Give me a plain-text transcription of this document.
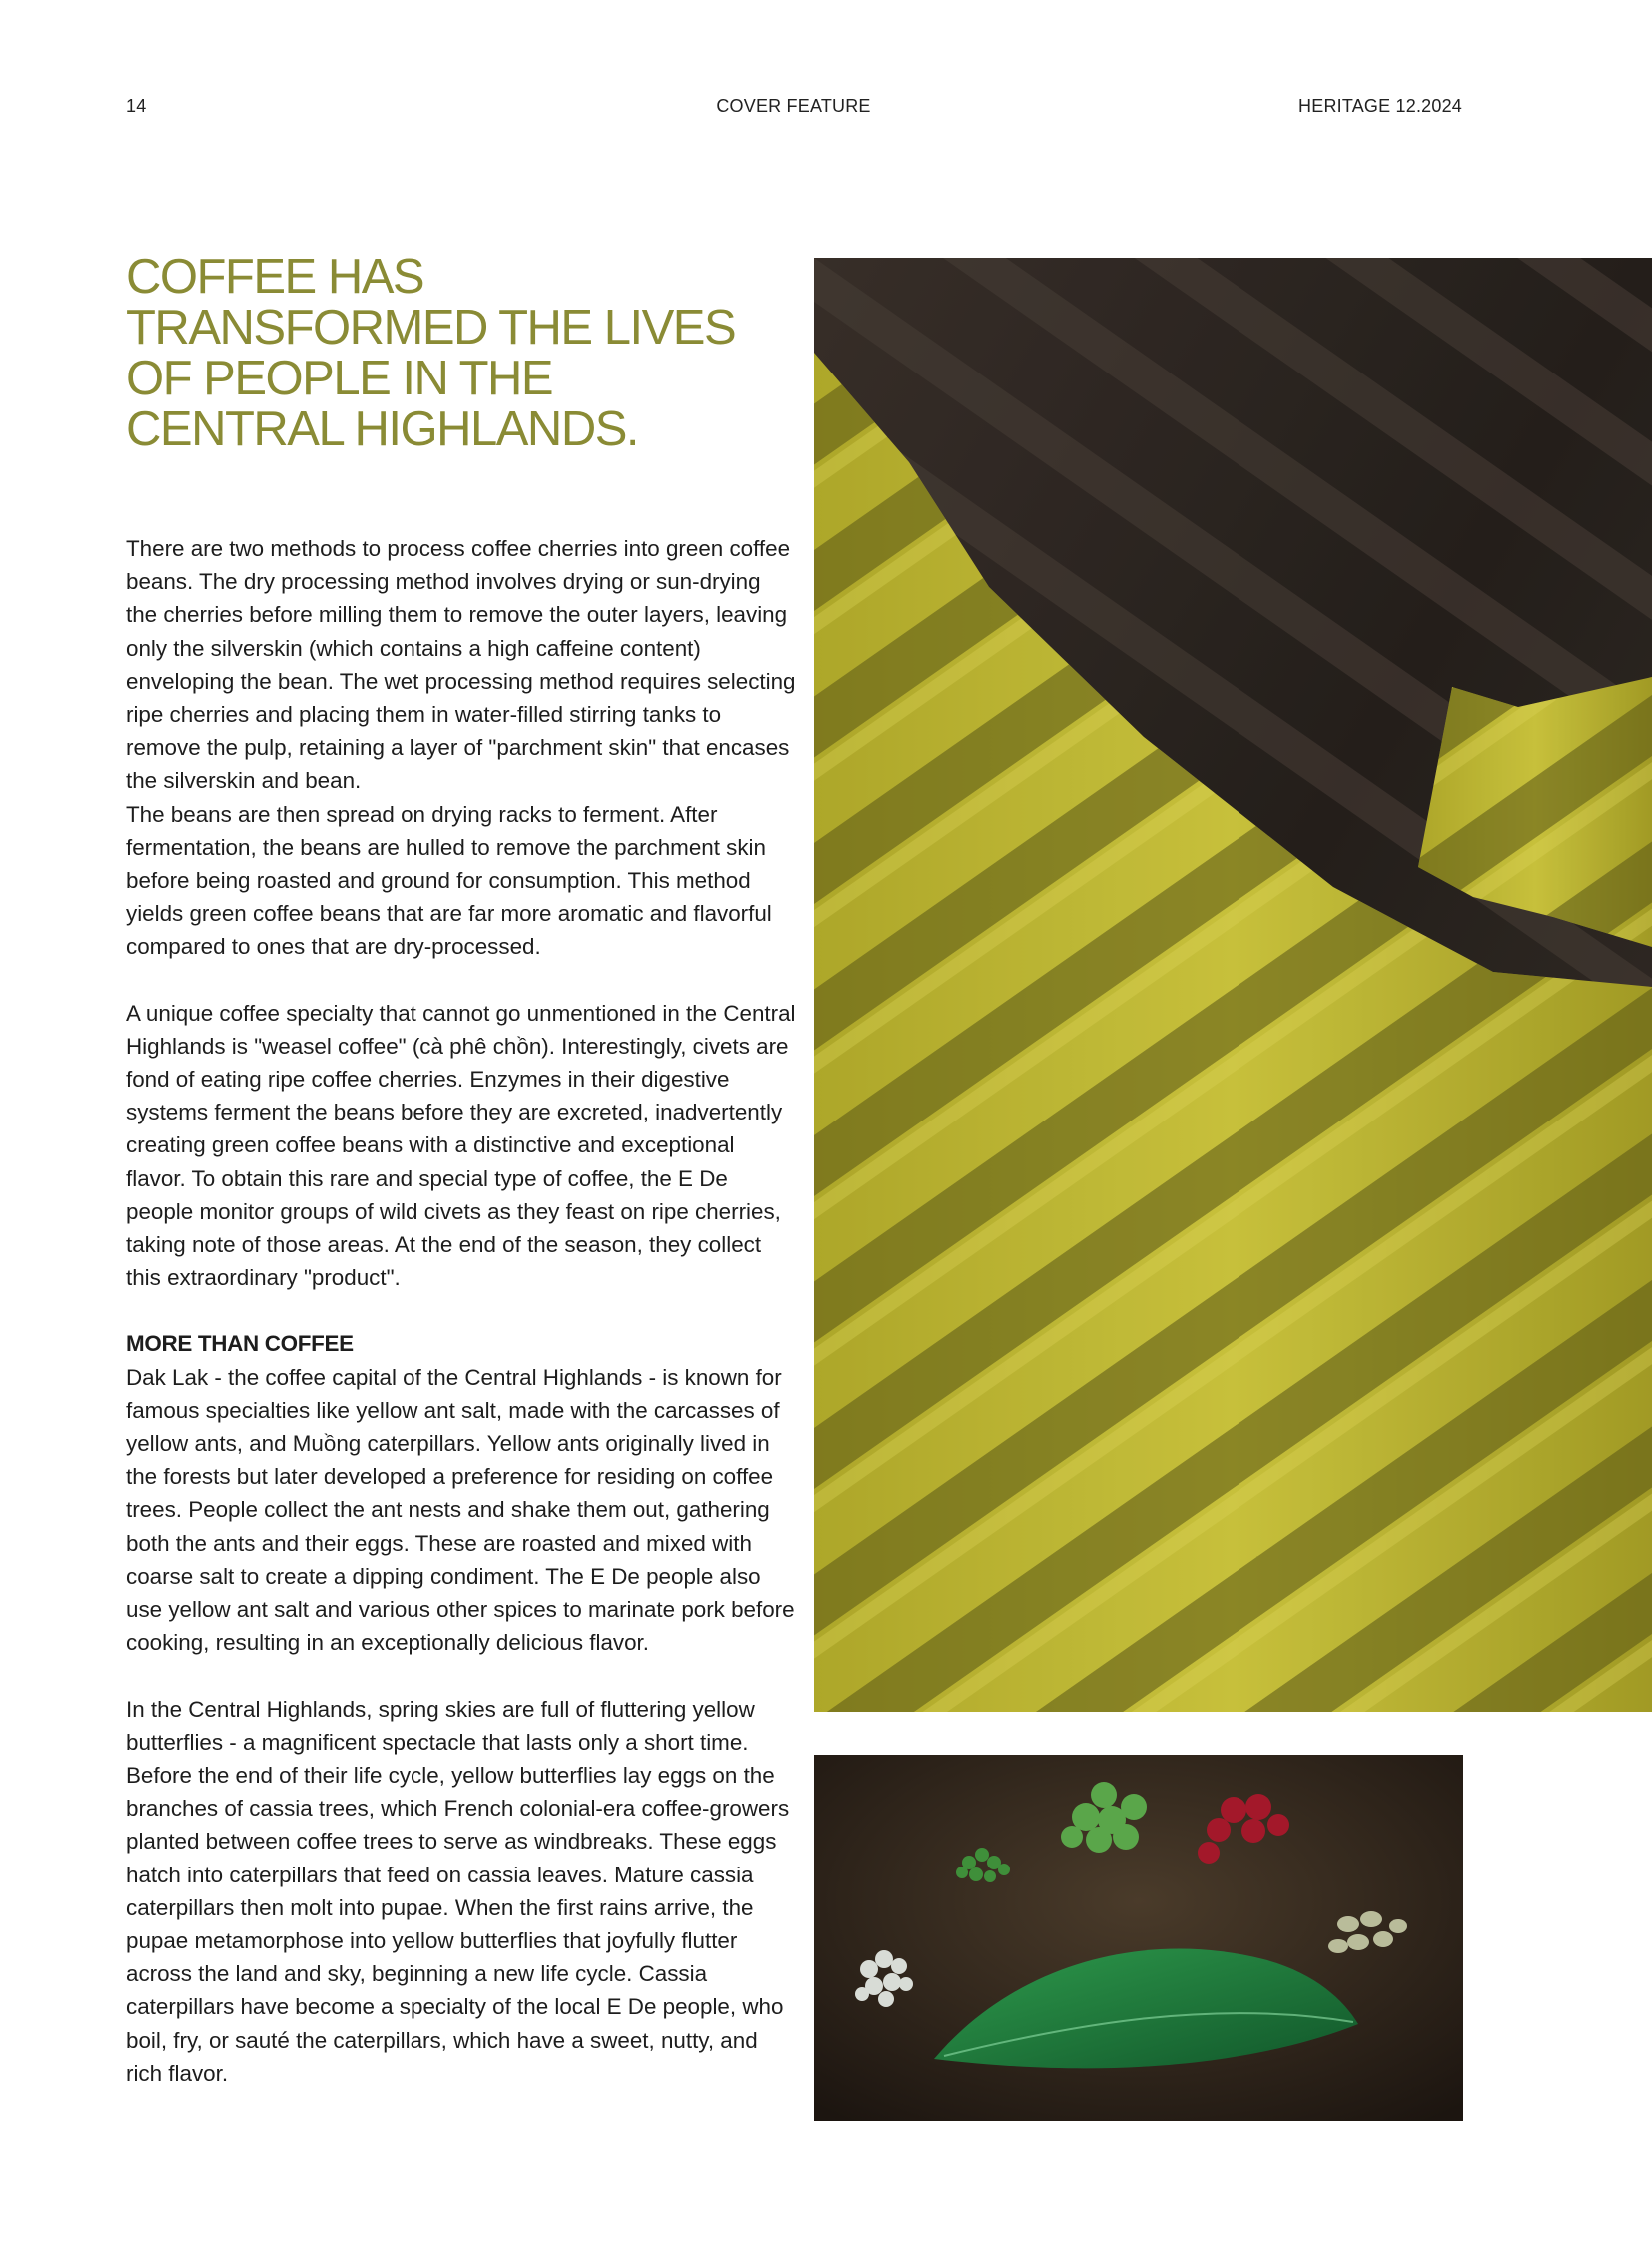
14	COVER FEATURE	HERITAGE 12.2024
COFFEE HAS TRANSFORMED THE LIVES OF PEOPLE IN THE CENTRAL HIGHLANDS.

There are two methods to process coffee cherries into green coffee beans. The dry processing method involves drying or sun-drying the cherries before milling them to remove the outer layers, leaving only the silverskin (which contains a high caffeine content) enveloping the bean. The wet processing method requires selecting ripe cherries and placing them in water-filled stirring tanks to remove the pulp, retaining a layer of "parchment skin" that encases the silverskin and bean.

The beans are then spread on drying racks to ferment. After fermentation, the beans are hulled to remove the parchment skin before being roasted and ground for consumption. This method yields green coffee beans that are far more aromatic and flavorful compared to ones that are dry-processed.

A unique coffee specialty that cannot go unmentioned in the Central Highlands is "weasel coffee" (cà phê chồn). Interestingly, civets are fond of eating ripe coffee cherries. Enzymes in their digestive systems ferment the beans before they are excreted, inadvertently creating green coffee beans with a distinctive and exceptional flavor. To obtain this rare and special type of coffee, the E De people monitor groups of wild civets as they feast on ripe cherries, taking note of those areas. At the end of the season, they collect this extraordinary "product".

MORE THAN COFFEE

Dak Lak - the coffee capital of the Central Highlands - is known for famous specialties like yellow ant salt, made with the carcasses of yellow ants, and Muồng caterpillars. Yellow ants originally lived in the forests but later developed a preference for residing on coffee trees. People collect the ant nests and shake them out, gathering both the ants and their eggs. These are roasted and mixed with coarse salt to create a dipping condiment. The E De people also use yellow ant salt and various other spices to marinate pork before cooking, resulting in an exceptionally delicious flavor.

In the Central Highlands, spring skies are full of fluttering yellow butterflies - a magnificent spectacle that lasts only a short time. Before the end of their life cycle, yellow butterflies lay eggs on the branches of cassia trees, which French colonial-era coffee-growers planted between coffee trees to serve as windbreaks. These eggs hatch into caterpillars that feed on cassia leaves. Mature cassia caterpillars then molt into pupae. When the first rains arrive, the pupae metamorphose into yellow butterflies that joyfully flutter across the land and sky, beginning a new life cycle. Cassia caterpillars have become a specialty of the local E De people, who boil, fry, or sauté the caterpillars, which have a sweet, nutty, and rich flavor.
